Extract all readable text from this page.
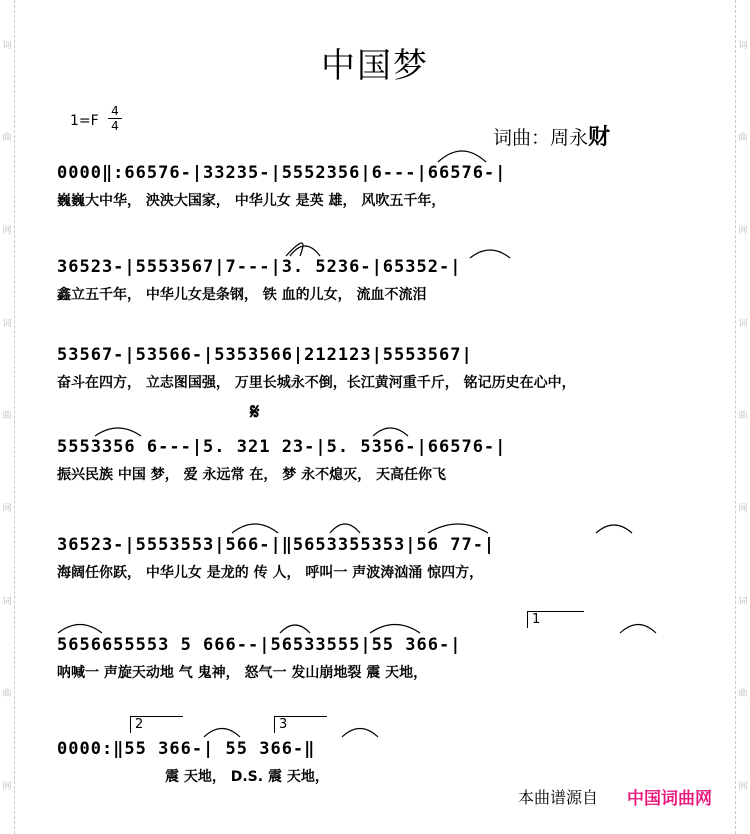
词
曲
网
词
曲
网
词
曲
网
词
曲
网
词
曲
网
词
曲
网
中国梦
1=F
4
4
词曲：周永财
0000‖:66576-|33235-|5552356|6---|66576-|
巍巍大中华， 泱泱大国家， 中华儿女 是英 雄， 风吹五千年，
36523-|5553567|7---|3. 5236-|65352-|
鑫立五千年， 中华儿女是条钢， 铁 血的儿女， 流血不流泪
53567-|53566-|5353566|212123|5553567|
奋斗在四方， 立志图国强， 万里长城永不倒，长江黄河重千斤， 铭记历史在心中，
𝄋
5553356 6---|5. 321 23-|5. 5356-|66576-|
振兴民族 中国 梦， 爱 永远常 在， 梦 永不熄灭， 天高任你飞
36523-|5553553|566-|‖5653355353|56 77-|
海阔任你跃， 中华儿女 是龙的 传 人， 呼叫一 声波涛汹涌 惊四方，
1
5656655553 5 666--|56533555|55 366-|
呐喊一 声旋天动地 气 鬼神， 怒气一 发山崩地裂 震 天地，
2	3
0000:‖55 366-| 55 366-‖
震 天地， D.S. 震 天地，
本曲谱源自 中国词曲网
